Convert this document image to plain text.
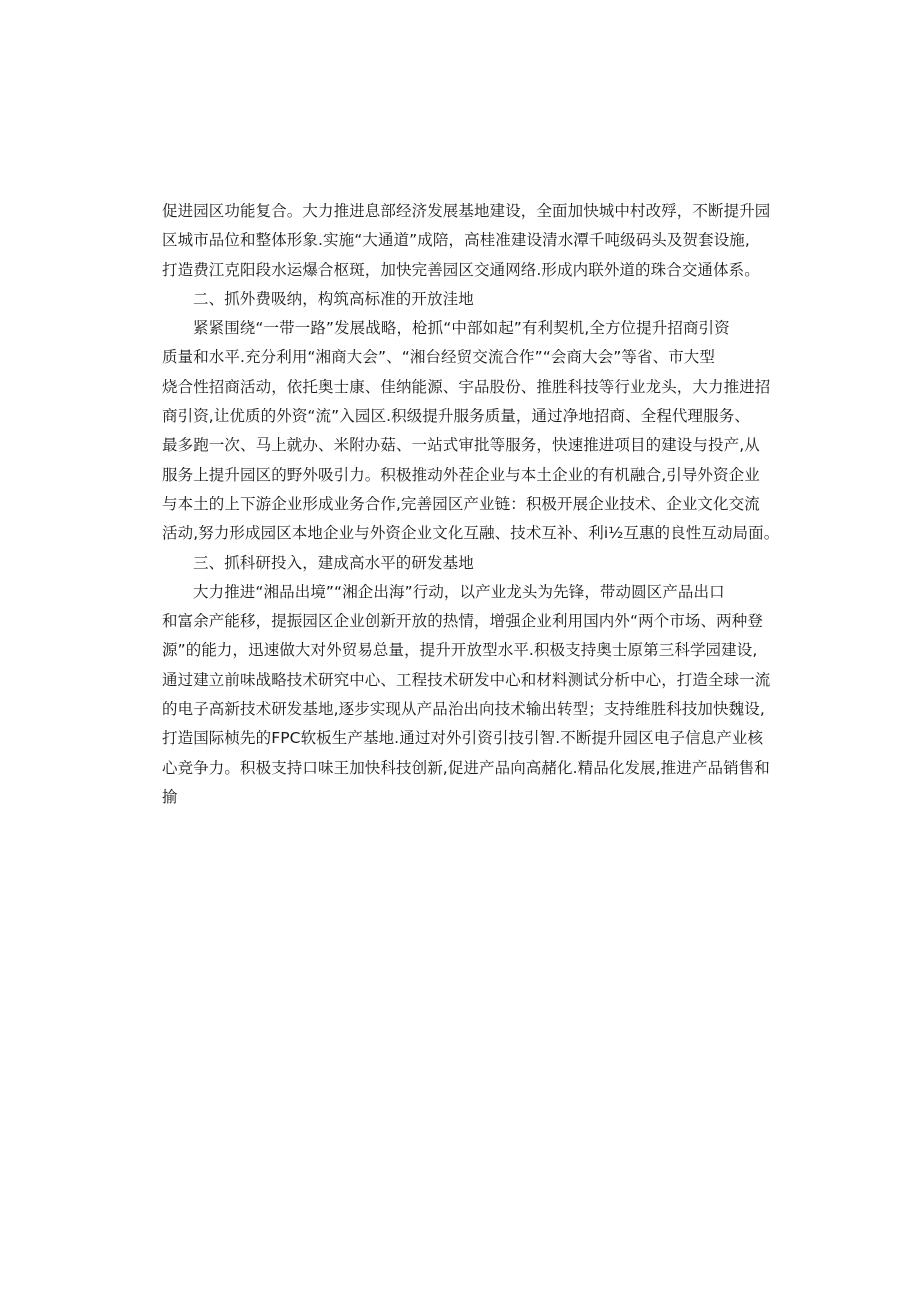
促进园区功能复合。大力推进息部经济发展基地建设，全面加快城中村改殍，不断提升园
区城市品位和整体形象.实施“大通道”成陪，高桂准建设清水潭千吨级码头及贺套设施,
打造费江克阳段水运爆合枢斑，加快完善园区交通网络.形成内联外道的珠合交通体系。
二、抓外费吸纳，构筑高标准的开放洼地
紧紧围绕“一带一路”发展战略，枪抓“中部如起”有利契机,全方位提升招商引资
质量和水平.充分利用“湘商大会”、“湘台经贸交流合作”“会商大会”等省、市大型
烧合性招商活动，依托奥士康、佳纳能源、宇品股份、推胜科技等行业龙头，大力推进招
商引资,让优质的外资“流”入园区.积级提升服务质量，通过净地招商、全程代理服务、
最多跑一次、马上就办、米附办菇、一站式审批等服务，快速推进项目的建设与投产,从
服务上提升园区的野外吸引力。积极推动外茬企业与本土企业的有机融合,引导外资企业
与本土的上下游企业形成业务合作,完善园区产业链：积极开展企业技术、企业文化交流
活动,努力形成园区本地企业与外资企业文化互融、技术互补、利i½互惠的良性互动局面。
三、抓科研投入，建成高水平的研发基地
大力推进“湘品出境”“湘企出海”行动，以产业龙头为先锋，带动圆区产品出口
和富余产能移，提振园区企业创新开放的热情，增强企业利用国内外“两个市场、两种登
源”的能力，迅速做大对外贸易总量，提升开放型水平.积极支持奥士原第三科学园建设,
通过建立前味战略技术研究中心、工程技术研发中心和材料测试分析中心，打造全球一流
的电子高新技术研发基地,逐步实现从产品治出向技术输出转型；支持维胜科技加快魏设,
打造国际桢先的FPC软板生产基地.通过对外引资引技引智.不断提升园区电子信息产业核
心竞争力。积极支持口味王加快科技创新,促进产品向高赭化.精品化发展,推进产品销售和
揄
